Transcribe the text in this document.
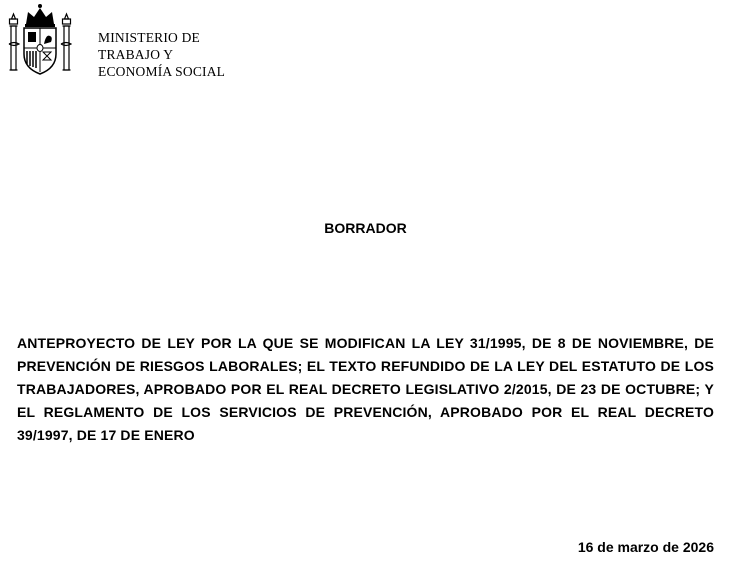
MINISTERIO DE
TRABAJO Y
ECONOMÍA SOCIAL
BORRADOR
ANTEPROYECTO DE LEY POR LA QUE SE MODIFICAN LA LEY 31/1995, DE 8 DE NOVIEMBRE, DE PREVENCIÓN DE RIESGOS LABORALES; EL TEXTO REFUNDIDO DE LA LEY DEL ESTATUTO DE LOS TRABAJADORES, APROBADO POR EL REAL DECRETO LEGISLATIVO 2/2015, DE 23 DE OCTUBRE; Y EL REGLAMENTO DE LOS SERVICIOS DE PREVENCIÓN, APROBADO POR EL REAL DECRETO 39/1997, DE 17 DE ENERO
16 de marzo de 2026
